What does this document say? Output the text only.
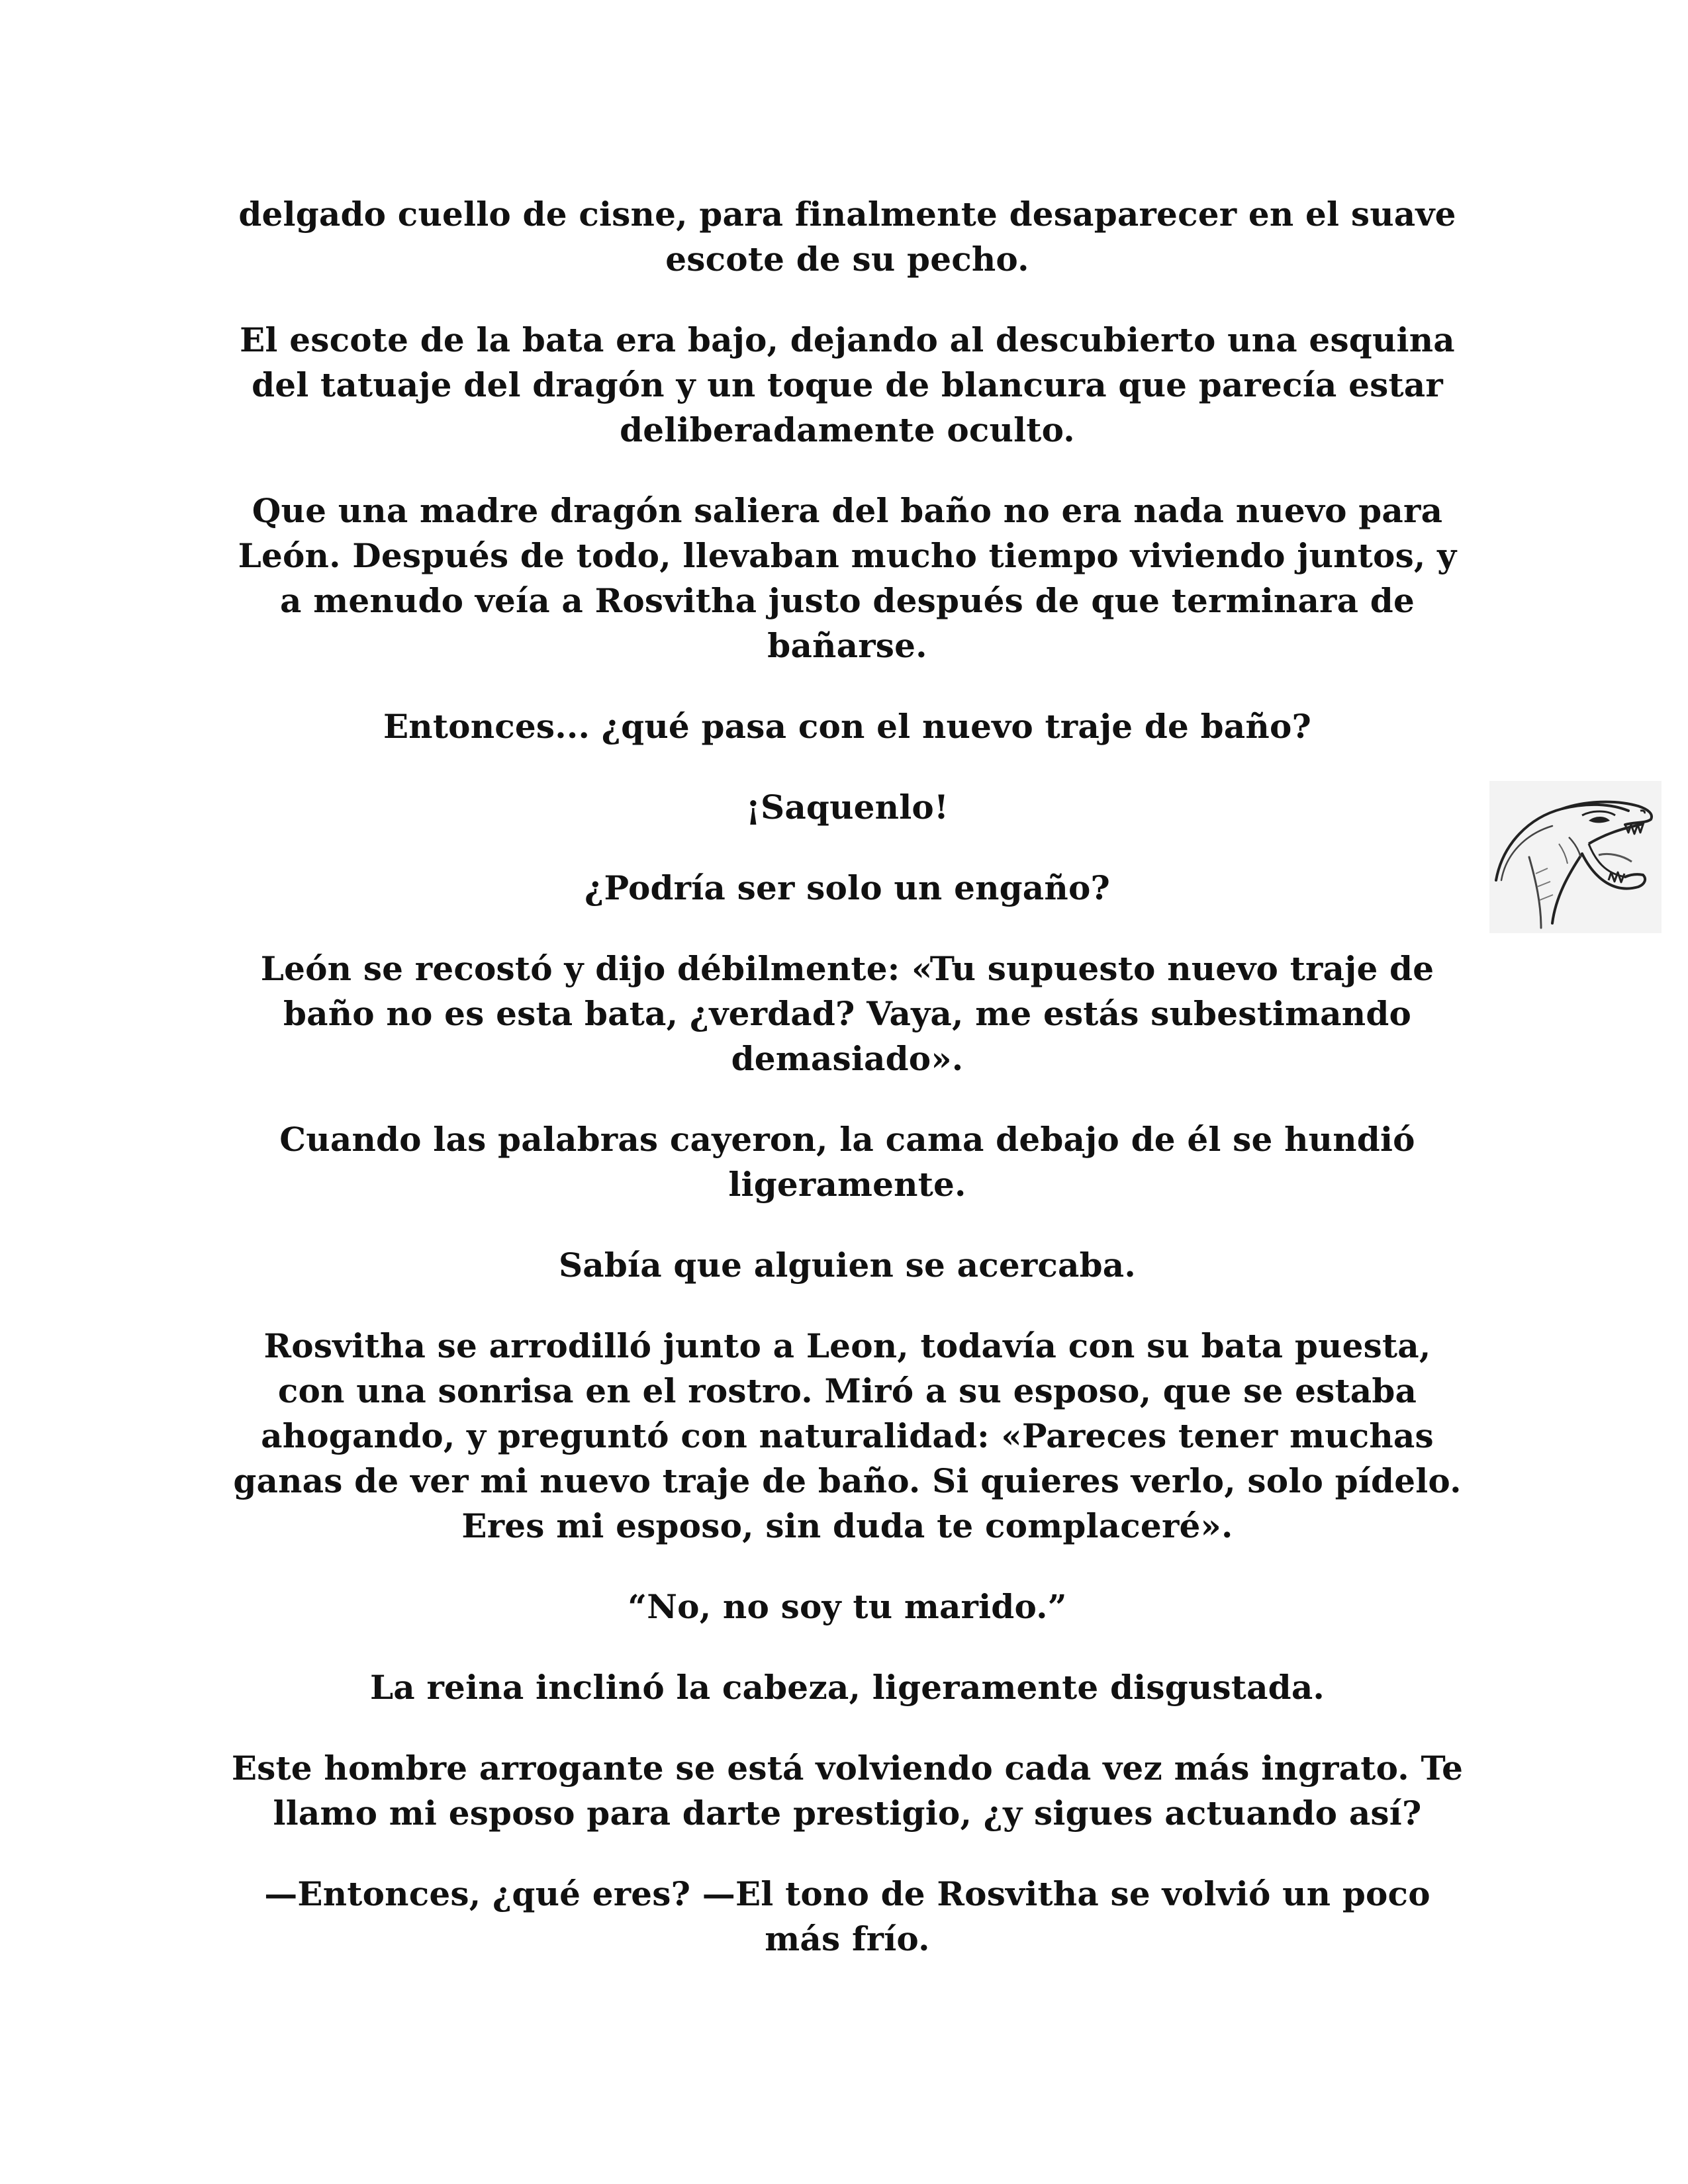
delgado cuello de cisne, para finalmente desaparecer en el suave escote de su pecho.

El escote de la bata era bajo, dejando al descubierto una esquina del tatuaje del dragón y un toque de blancura que parecía estar deliberadamente oculto.

Que una madre dragón saliera del baño no era nada nuevo para León. Después de todo, llevaban mucho tiempo viviendo juntos, y a menudo veía a Rosvitha justo después de que terminara de bañarse.

Entonces... ¿qué pasa con el nuevo traje de baño?

¡Saquenlo!

¿Podría ser solo un engaño?

León se recostó y dijo débilmente: «Tu supuesto nuevo traje de baño no es esta bata, ¿verdad? Vaya, me estás subestimando demasiado».

Cuando las palabras cayeron, la cama debajo de él se hundió ligeramente.

Sabía que alguien se acercaba.

Rosvitha se arrodilló junto a Leon, todavía con su bata puesta, con una sonrisa en el rostro. Miró a su esposo, que se estaba ahogando, y preguntó con naturalidad: «Pareces tener muchas ganas de ver mi nuevo traje de baño. Si quieres verlo, solo pídelo. Eres mi esposo, sin duda te complaceré».

“No, no soy tu marido.”

La reina inclinó la cabeza, ligeramente disgustada.

Este hombre arrogante se está volviendo cada vez más ingrato. Te llamo mi esposo para darte prestigio, ¿y sigues actuando así?

—Entonces, ¿qué eres? —El tono de Rosvitha se volvió un poco más frío.
